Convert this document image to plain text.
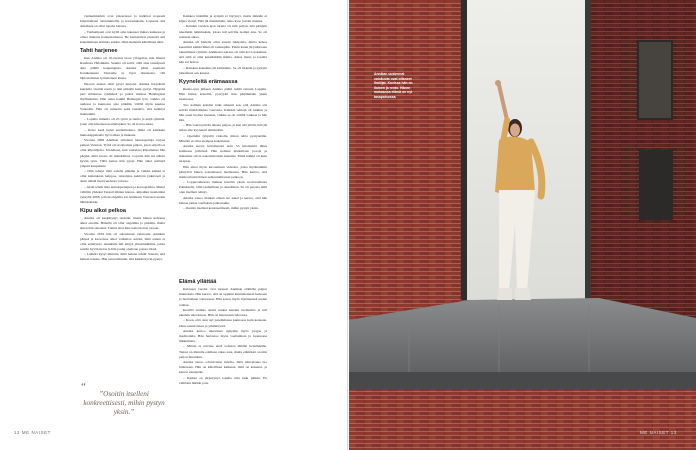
vanhemmatkin ovat pizzeriassa ja kulkivat nopeasti kuljettamaan tanssitunteille ja harrastuksiin. Lapsesta asti Anniksen on ollut tapana tanssia.

– Vanhempani ovat kyllä aina tukeneet minua kaikessa ja olleet mukana kannustamassa. He kannustivat pienestä asti kokeilemaan erilaisia asioita. Olen ikuisesti kiitollinen siitä.

Tahti harjenee

Kun Annika oli 10-vuotias tuore ylioppilas, hän muutti Rauhosta Helsinkiin. Suunta oli selvä, sillä aina tanssijuuri aina päällä kaupungissa. Annika pääsi asumaan Ironikeskusta Vantaalle ja löysi tilanteesta. Oli läpiostamisen työtaitoinen kisata.

Nuoren naisen tahti pysyi hurjana. Annika harjoitteli kuudelta viestää usein ja niin pitkään kuin pystyi. Hyppäsi pari mitatussa ryhmässä ja jatkoi matkaa Helsingissä myöhemmin. Hän tunsi kaikki Helsingin työt, vaikka oli uudessa ja kunnossa ajaa pitkään, välillä myös kaukaa Vantaalle. Hän oli tunnettu sekä tanssilta, että kehittyi muutenkin.

– Lopulta minulla oli 25 työtä ja tuntia ja neljä ryhmää, joten olin kiireinen kouluttajaksi. Se oli kovaa aikaa.

– Koko kesä kului suunnitteluna, mikä oli kaikkein huutokappaleelle hyvä aikaa ja mukaan.

Vuonna 2009 Annikan silloinen tanssiopettaja tarjosi paikan Vantaan. Työtä oli tavattoman paljon, joten tarjolla ei ollut kilpailijoita. Uudelleen, kun vaikeissa kilpailuissa hän pärjäsi, mitä isossa oli mahdollista. Lopulta hän sai silloin hyvän työn. Tällä kertaa hän pysyi. Hän alkoi esiintyä ympäri kaupunkia.

– Olin tehnyt töitä todella pitkään ja vaikka kaikki ei ollut kuitenkaan helppoa, tanssijana kehityin jatkuvasti ja aloin nähdä itseni uudessa valossa.

– Aloin tehdä tilaa tanssiopettajien ja koreografina. Minut valittiin yhdeksi Tanssii tähtien kanssa -kilpailun tuomariksi syksyllä 2008, jolloin ohjelma sai Anniksen Vaarasen uuden lähtökohdan.

Kipu alkoi pelkoa

Annika oli keskittynyt tanssiin, mutta hänen kehonsa alkoi oireilla. Hänellä oli ollut ongelmia jo pitkään, mutta sitten hän sairastui. Tuntui ettei hän osaisi hoitaa oloaan.

Vuonna 2016 hän oli sairastunut vakavasti. Annikan päässä ja kasvoissa alkoi vaikuttaa asioita, mitä ennen ei ollut esiintynyt. Annikalle tuli tehtyä yhteistutkimus, joista saatiin hyvää tietoa ja hän joutui olemaan poissa töistä.

– Lääkäri kysyi minulta, mitä haluan tehdä. Sanoin, että haluan tanssia. Hän sanoi minulle, että kaikki hyvin pystyt.

“
”Osoitin itselleni konkreettisesti, mihin pystyn yksin.”

Kaikkea tutkittiin ja syöpää ei löytynyt, mutta mikään ei kipua vienyt. Hän jäi miettimään, onko kyse jostain muusta.

– Kahden vuoden ajan oireita oli niin paljon, että päädyin tekemään tutkimuksia, joissa tuli selville isompi asia. Se oli raskasta aikaa.

Annika oli hänelle ollut suurin tukijoista, mutta kehoa kuormitti kaikki mikä oli taaksepäin. Pahin kausi jäi jatkuvaan tanssimisen rytmiin. Annikasta sairaus oli niin kova kokemus, että siitä ei ollut kenelläkään mallia. Aikaa meni, ja lopulta hän sai hoitoa.

– Ranskan kokemus jäi kaikkialle. Se oli tärkeää ja pystyin jatkamaan sen kanssa.

Kyyneleitä erämaassa

Ruska-ajan jälkeen Annika päätti tehdä reissun Lappiin. Hän halusi kokeilla, pystyykö hän pärjäämään yksin luonnossa.

Tuo kolmen kohdan retki aiheutti sen, että Annika otti selvää mahdollisista vaaroista. Kaikkia reittejä oli tutkittu ja hän osasi luottaa itseensä, vaikka se oli välillä vaikeaa ja hän itki.

– Hän vaelsi päivän aikana paljon, ja kun sää yllätti, hän jäi teltan alle kyyneleet silmissään.

– Opettelin lyhyellä videolla, miten teltta pystytetään. Minulla ei ollut aiempaa kokemusta.

Annika kertoi kävelleensä noin 55 kilometriä lähes kolmessa päivässä. Hän kohtasi matkallaan poroja ja maisemat olivat uskomattoman kauniita. Tämä kaikki oli kuin terapiaa.

Hän alkoi myös kuvaamaan videoita, jotka myöhemmin päätyivät hänen sosiaaliseen mediaansa. Hän kertoo, että matka muutti hänen suhtautumistaan pelkoon.

– Loppuvaiheessa matkaa kävelin yksin soolovaellusta Pallaksella. Olin rauhallinen ja onnellinen. Se oli parasta mitä olen itselleni tehnyt.

Annika sanoo matkan olleen iso askel ja kertoo, että hän haluaa jatkaa vaelluksia jatkossakin.

– Osoitin itselleni konkreettisesti, mihin pystyn yksin.

Elämä yllättää

Kuluneet vuodet ovat tuoneet Annikan elämään paljon muutoksia. Hän kertoo, että on oppinut kuuntelemaan kehoaan ja luottamaan vaistoonsa. Hän sanoo myös löytäneensä uuden rauhan.

Kesällä Annika aloitti uuden kauden tuomarina ja tuli takaisin televisioon. Hän on innoissaan tulevasta.

– Koen, että olen nyt paremmassa kunnossa kuin koskaan. Olen saanut tukea ja ymmärrystä.

Annika kertoo tekevänsä nykyään myös joogaa ja meditointia. Hän harrastaa myös vaeltamista ja luonnossa liikkumista.

– Minun ei tarvitse enää todistaa mitään kenellekään. Tanssi on minulle edelleen rakas asia, mutta elämässä on niin paljon muutakin.

Annika sanoo odottavansa innolla, mitä tulevaisuus tuo tullessaan. Hän on kiitollinen kaikesta, mitä on kokenut, ja katsoo eteenpäin.

– Kaikki on järjestynyt lopulta niin kuin pitikin. En vaihtaisi mitään pois.

12 ME NAISET
Annikan uusimmat valokuvat ovat ottaneet ihailijat. Kuvissa hän on iloinen ja rento. Hänen mukaansa elämä on nyt tasapainossa.
ME NAISET 13
